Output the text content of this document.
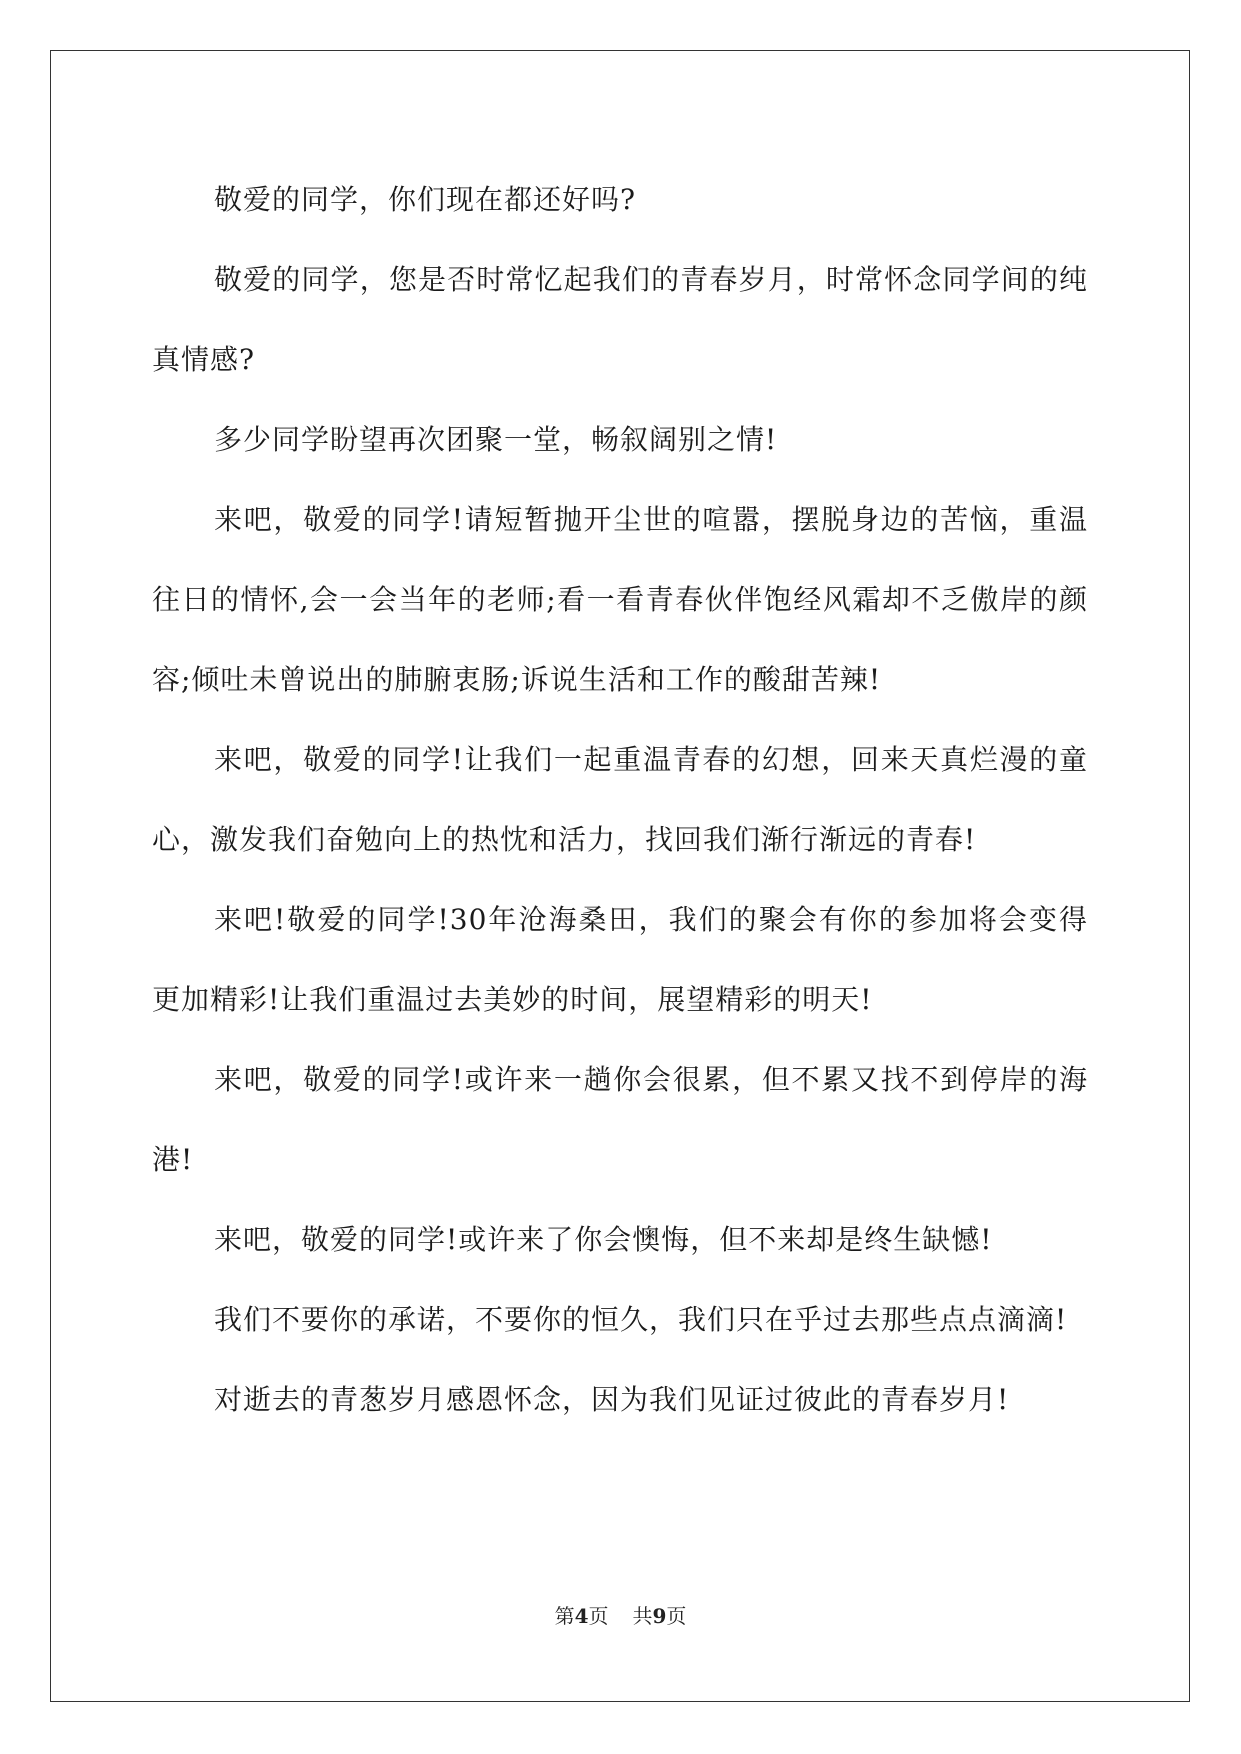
敬爱的同学，你们现在都还好吗?

敬爱的同学，您是否时常忆起我们的青春岁月，时常怀念同学间的纯真情感?

多少同学盼望再次团聚一堂，畅叙阔别之情!

来吧，敬爱的同学!请短暂抛开尘世的喧嚣，摆脱身边的苦恼，重温往日的情怀,会一会当年的老师;看一看青春伙伴饱经风霜却不乏傲岸的颜容;倾吐未曾说出的肺腑衷肠;诉说生活和工作的酸甜苦辣!

来吧，敬爱的同学!让我们一起重温青春的幻想，回来天真烂漫的童心，激发我们奋勉向上的热忱和活力，找回我们渐行渐远的青春!

来吧!敬爱的同学!30年沧海桑田，我们的聚会有你的参加将会变得更加精彩!让我们重温过去美妙的时间，展望精彩的明天!

来吧，敬爱的同学!或许来一趟你会很累，但不累又找不到停岸的海港!

来吧，敬爱的同学!或许来了你会懊悔，但不来却是终生缺憾!

我们不要你的承诺，不要你的恒久，我们只在乎过去那些点点滴滴!

对逝去的青葱岁月感恩怀念，因为我们见证过彼此的青春岁月!

第4页 共9页
